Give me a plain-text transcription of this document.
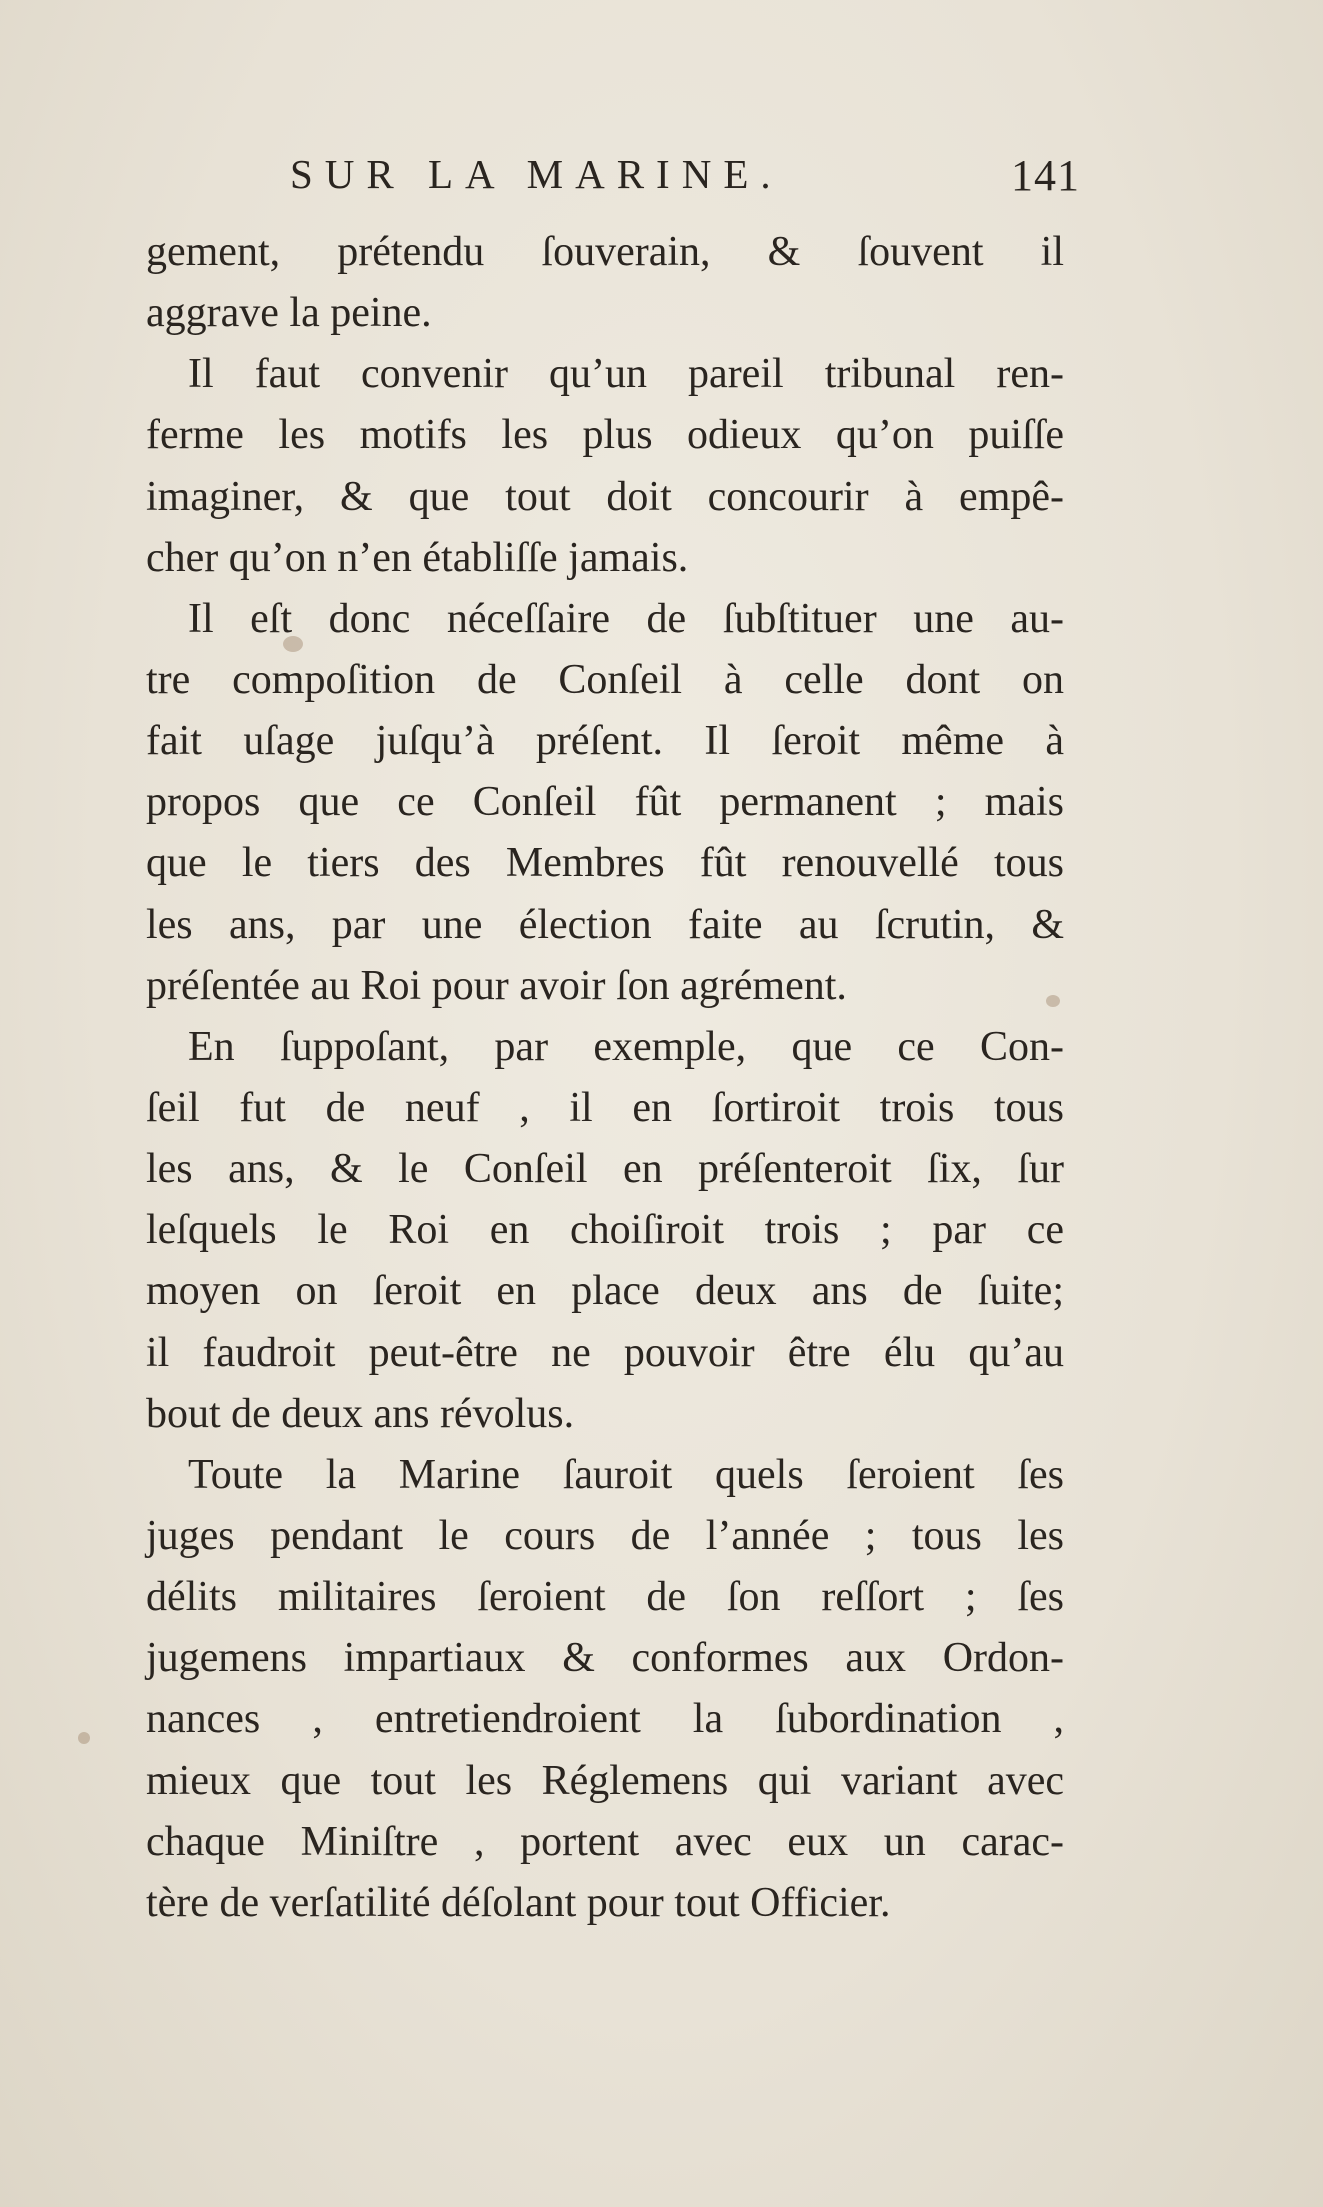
SUR LA MARINE.	141
gement, prétendu ſouverain, & ſouvent il
aggrave la peine.
Il faut convenir qu’un pareil tribunal ren-
ferme les motifs les plus odieux qu’on puiſſe
imaginer, & que tout doit concourir à empê-
cher qu’on n’en établiſſe jamais.
Il eſt donc néceſſaire de ſubſtituer une au-
tre compoſition de Conſeil à celle dont on
fait uſage juſqu’à préſent. Il ſeroit même à
propos que ce Conſeil fût permanent ; mais
que le tiers des Membres fût renouvellé tous
les ans, par une élection faite au ſcrutin, &
préſentée au Roi pour avoir ſon agrément.
En ſuppoſant, par exemple, que ce Con-
ſeil fut de neuf , il en ſortiroit trois tous
les ans, & le Conſeil en préſenteroit ſix, ſur
leſquels le Roi en choiſiroit trois ; par ce
moyen on ſeroit en place deux ans de ſuite;
il faudroit peut-être ne pouvoir être élu qu’au
bout de deux ans révolus.
Toute la Marine ſauroit quels ſeroient ſes
juges pendant le cours de l’année ; tous les
délits militaires ſeroient de ſon reſſort ; ſes
jugemens impartiaux & conformes aux Ordon-
nances , entretiendroient la ſubordination ,
mieux que tout les Réglemens qui variant avec
chaque Miniſtre , portent avec eux un carac-
tère de verſatilité déſolant pour tout Officier.
